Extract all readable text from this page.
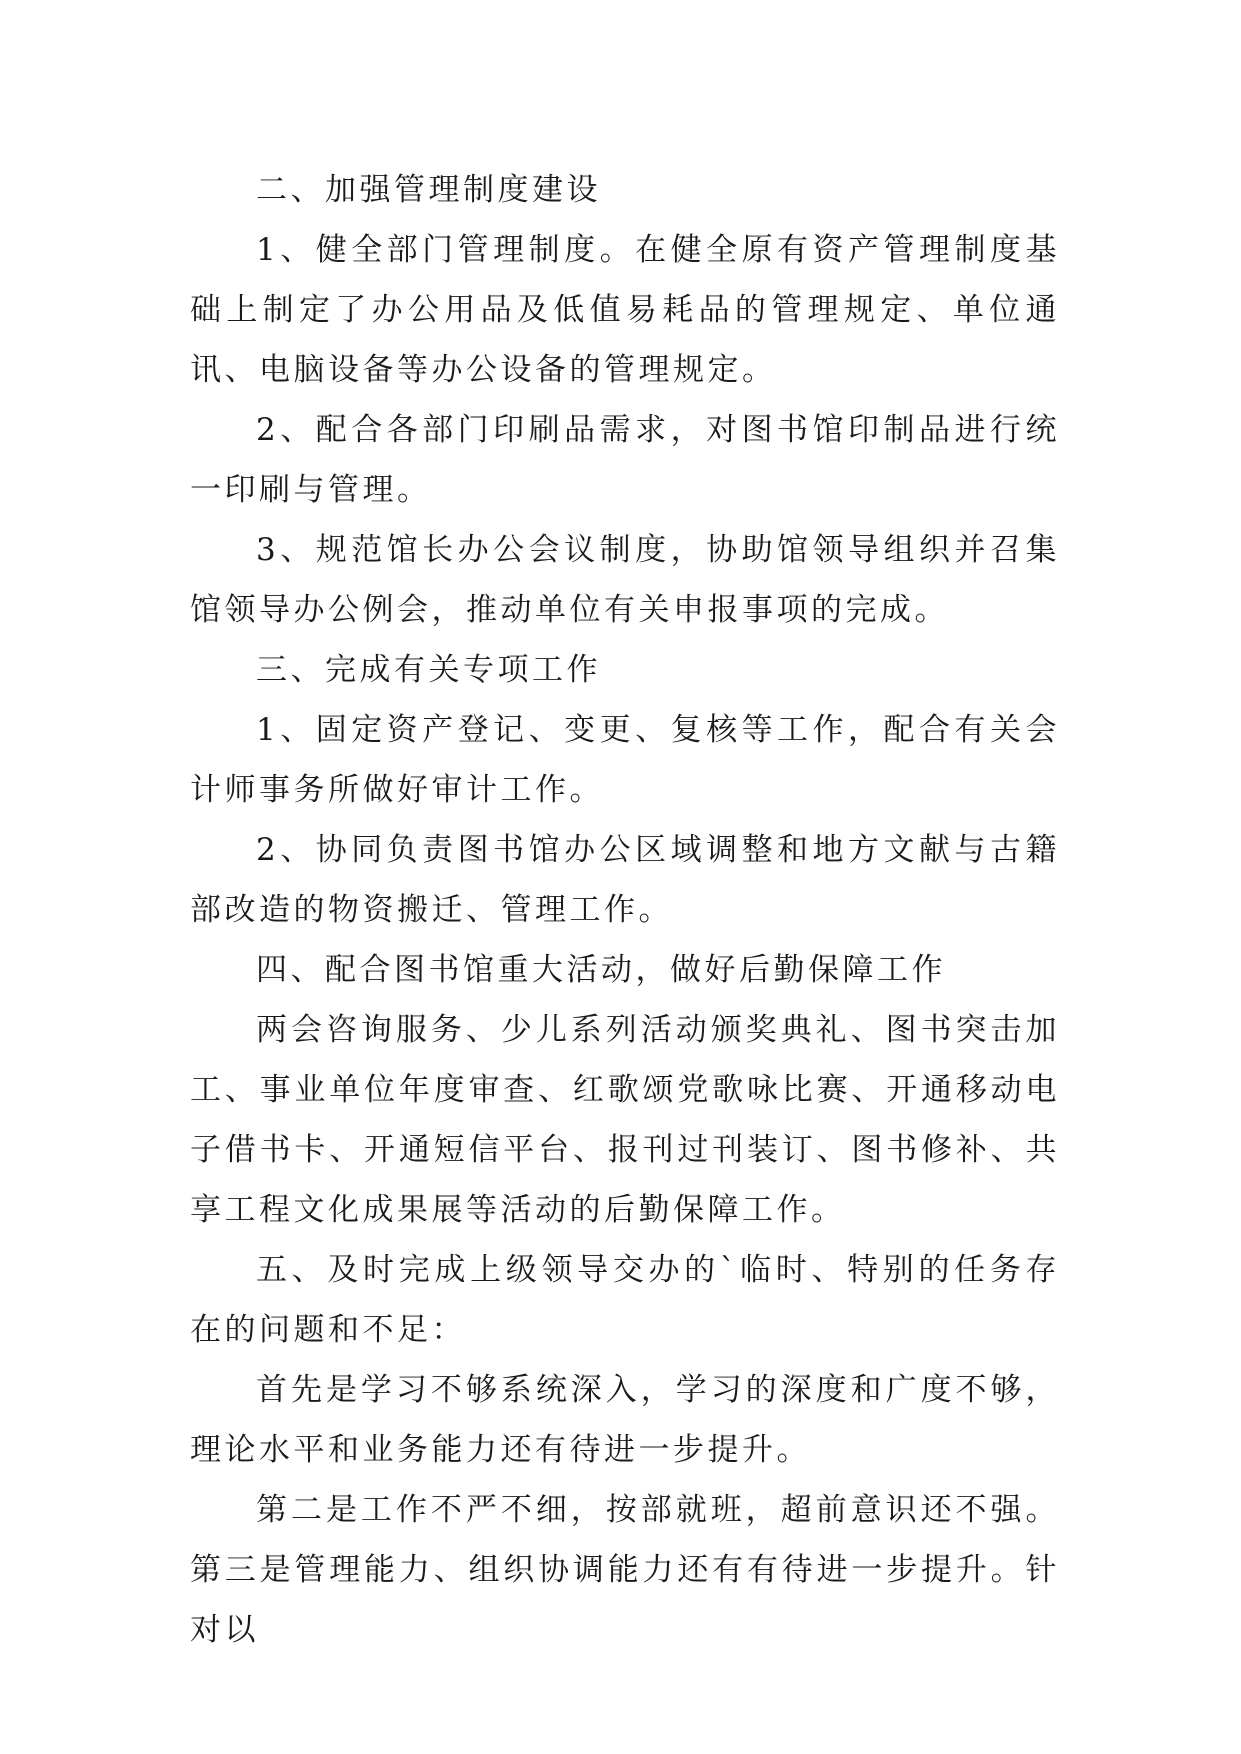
二、加强管理制度建设

1、健全部门管理制度。在健全原有资产管理制度基础上制定了办公用品及低值易耗品的管理规定、单位通讯、电脑设备等办公设备的管理规定。

2、配合各部门印刷品需求，对图书馆印制品进行统一印刷与管理。

3、规范馆长办公会议制度，协助馆领导组织并召集馆领导办公例会，推动单位有关申报事项的完成。

三、完成有关专项工作

1、固定资产登记、变更、复核等工作，配合有关会计师事务所做好审计工作。

2、协同负责图书馆办公区域调整和地方文献与古籍部改造的物资搬迁、管理工作。

四、配合图书馆重大活动，做好后勤保障工作

两会咨询服务、少儿系列活动颁奖典礼、图书突击加工、事业单位年度审查、红歌颂党歌咏比赛、开通移动电子借书卡、开通短信平台、报刊过刊装订、图书修补、共享工程文化成果展等活动的后勤保障工作。

五、及时完成上级领导交办的`临时、特别的任务存在的问题和不足：

首先是学习不够系统深入，学习的深度和广度不够，理论水平和业务能力还有待进一步提升。

第二是工作不严不细，按部就班，超前意识还不强。第三是管理能力、组织协调能力还有有待进一步提升。针对以
